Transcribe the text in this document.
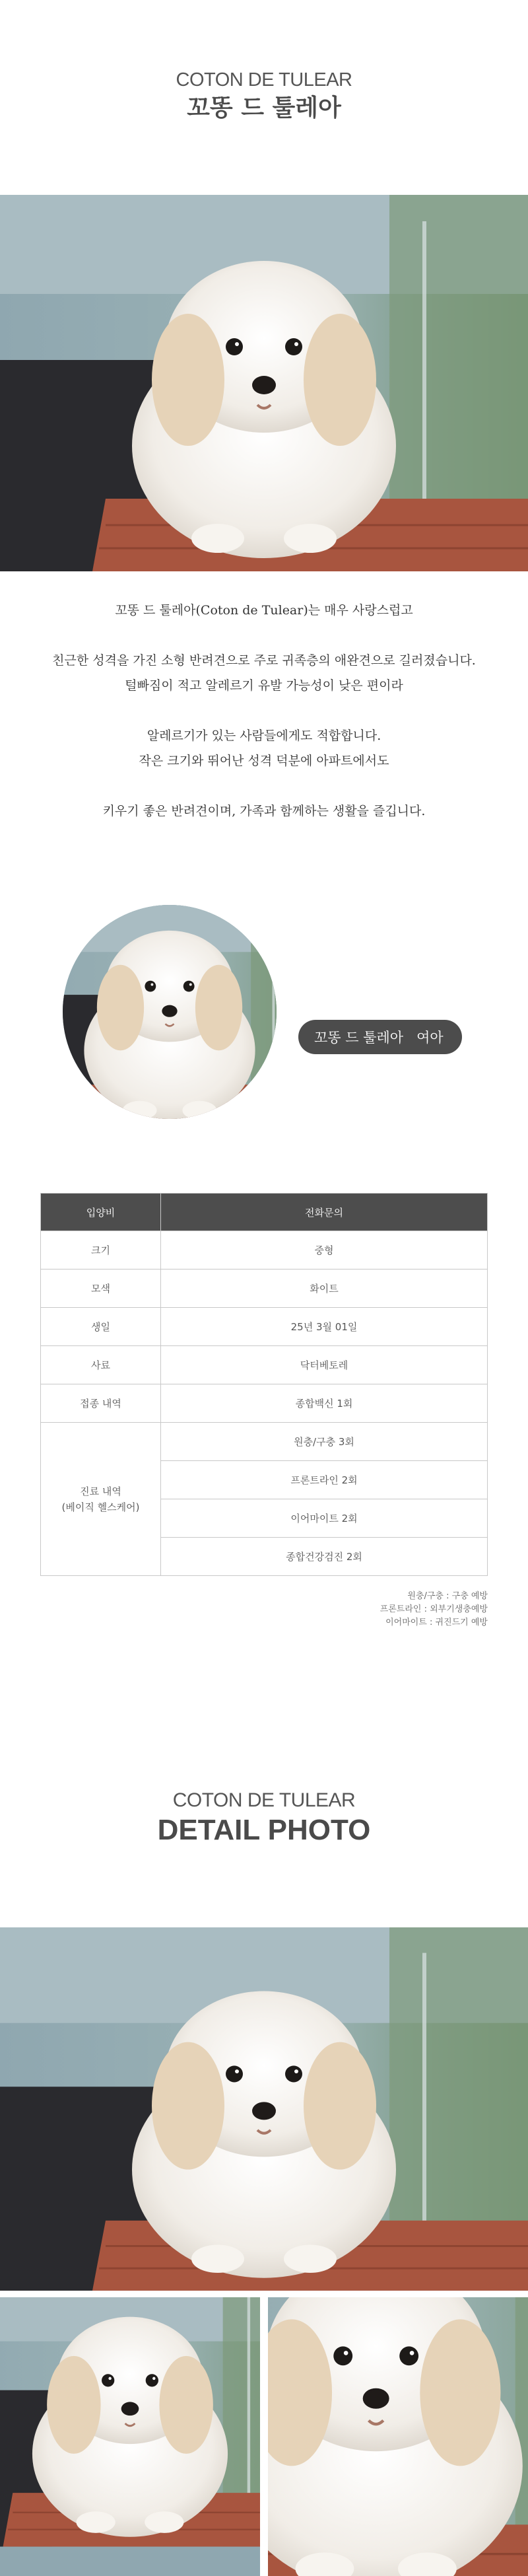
COTON DE TULEAR
꼬똥 드 툴레아

꼬똥 드 툴레아(Coton de Tulear)는 매우 사랑스럽고

친근한 성격을 가진 소형 반려견으로 주로 귀족층의 애완견으로 길러졌습니다.

털빠짐이 적고 알레르기 유발 가능성이 낮은 편이라

알레르기가 있는 사람들에게도 적합합니다.

작은 크기와 뛰어난 성격 덕분에 아파트에서도

키우기 좋은 반려견이며, 가족과 함께하는 생활을 즐깁니다.

꼬똥 드 툴레아 여아
입양비	전화문의
크기	중형
모색	화이트
생일	25년 3월 01일
사료	닥터베토레
접종 내역	종합백신 1회

진료 내역
(베이직 헬스케어)	원충/구충 3회
	프론트라인 2회
	이어마이트 2회
	종합건강검진 2회
원충/구충 : 구충 예방
프론트라인 : 외부기생충예방
이어마이트 : 귀진드기 예방
COTON DE TULEAR
DETAIL PHOTO
